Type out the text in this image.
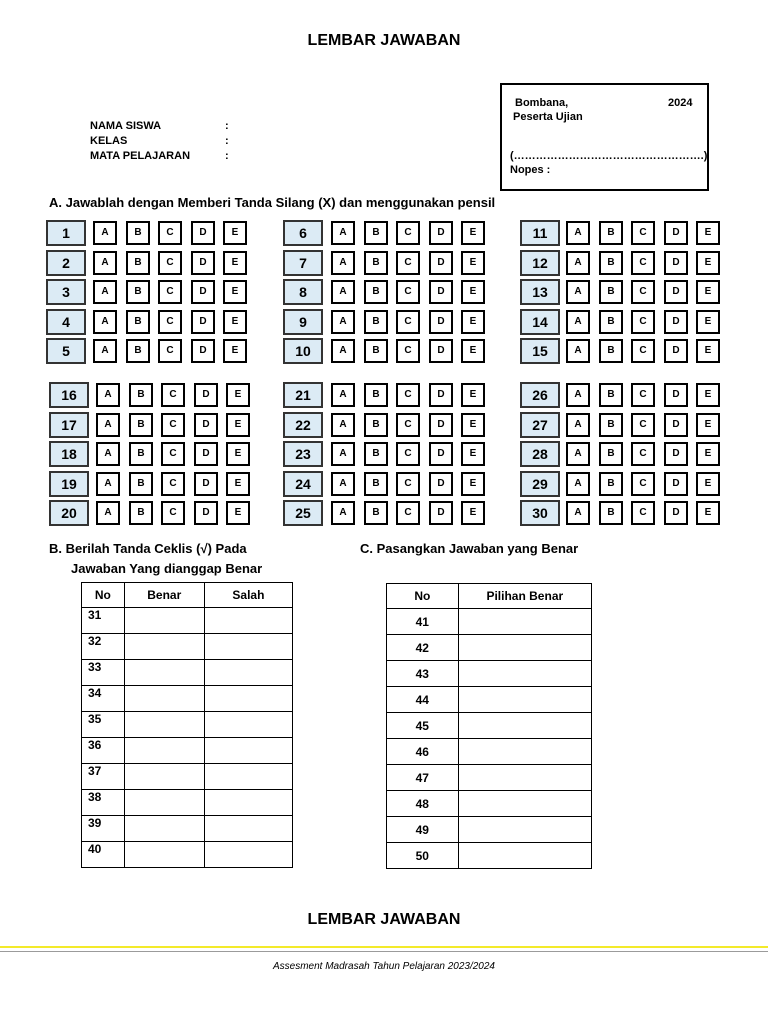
LEMBAR JAWABAN
NAMA SISWA	:
KELAS	:
MATA PELAJARAN	:
Bombana,	2024
Peserta Ujian
(…………………………………………….)
Nopes :
A. Jawablah dengan Memberi Tanda Silang (X) dan menggunakan pensil
1	A	B	C	D	E
2	A	B	C	D	E
3	A	B	C	D	E
4	A	B	C	D	E
5	A	B	C	D	E
6	A	B	C	D	E
7	A	B	C	D	E
8	A	B	C	D	E
9	A	B	C	D	E
10	A	B	C	D	E
11	A	B	C	D	E
12	A	B	C	D	E
13	A	B	C	D	E
14	A	B	C	D	E
15	A	B	C	D	E
16	A	B	C	D	E
17	A	B	C	D	E
18	A	B	C	D	E
19	A	B	C	D	E
20	A	B	C	D	E
21	A	B	C	D	E
22	A	B	C	D	E
23	A	B	C	D	E
24	A	B	C	D	E
25	A	B	C	D	E
26	A	B	C	D	E
27	A	B	C	D	E
28	A	B	C	D	E
29	A	B	C	D	E
30	A	B	C	D	E
B. Berilah Tanda Ceklis (√) Pada
Jawaban Yang dianggap Benar
No	Benar	Salah
31		
32		
33		
34		
35		
36		
37		
38		
39		
40		
C. Pasangkan Jawaban yang Benar
No	Pilihan Benar
41	
42	
43	
44	
45	
46	
47	
48	
49	
50	
LEMBAR JAWABAN
Assesment Madrasah Tahun Pelajaran 2023/2024
